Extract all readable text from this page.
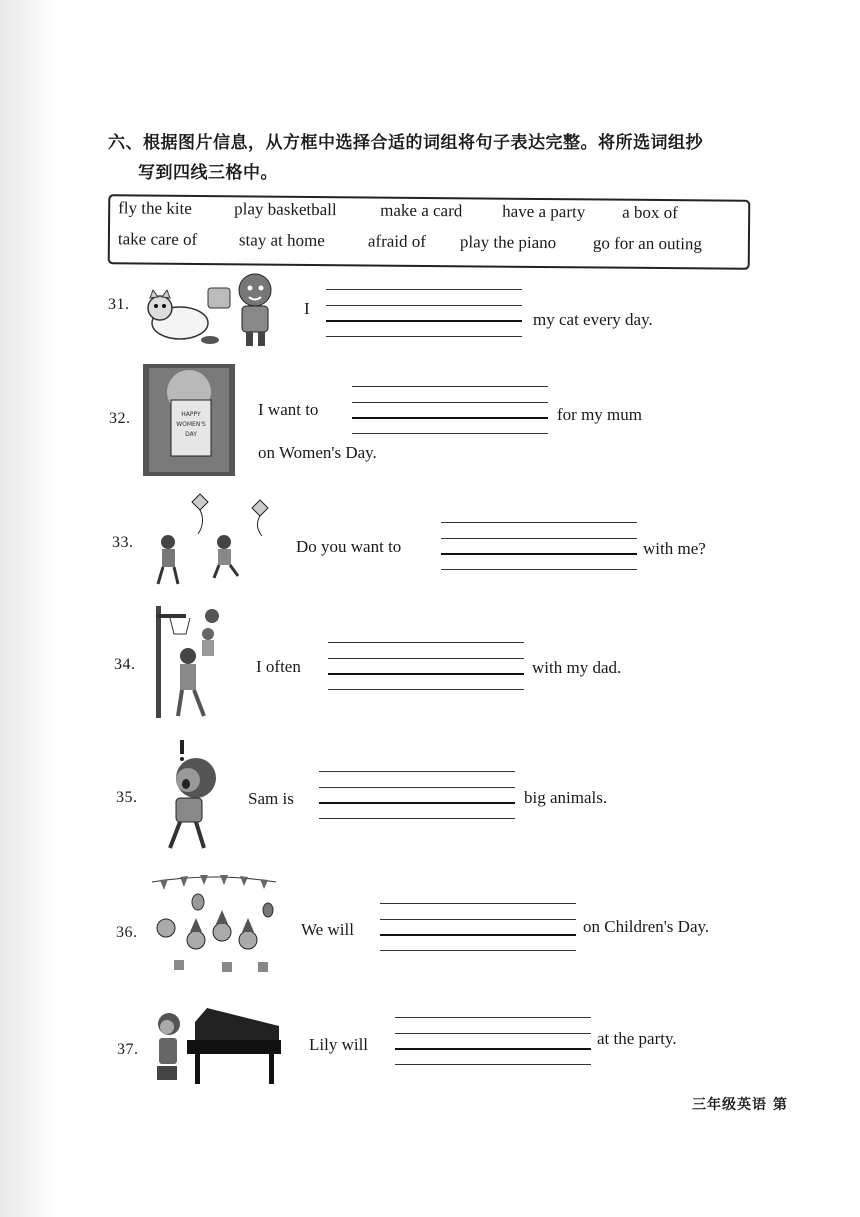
六、根据图片信息，从方框中选择合适的词组将句子表达完整。将所选词组抄
写到四线三格中。
fly the kite play basketball	make a card have a party a box of
take care of stay at home	afraid of play the piano go for an outing
31.	I
my cat every day.
32.	HAPPY
WOMEN'S
DAY
I want to	for my mum
on Women's Day.
33.	Do you want to	with me?
34.	I often	with my dad.
35.	Sam is	big animals.
36.	We will	on Children's Day.
37.	Lily will	at the party.
三年级英语 第
